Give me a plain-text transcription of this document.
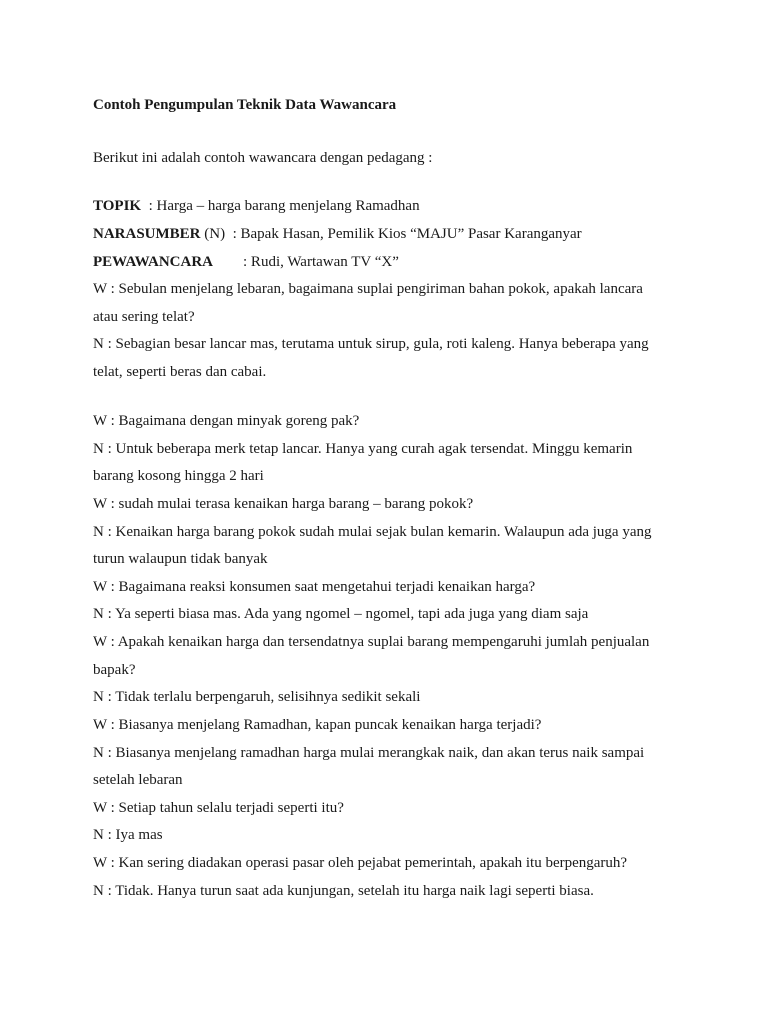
Contoh Pengumpulan Teknik Data Wawancara
Berikut ini adalah contoh wawancara dengan pedagang :
TOPIK  : Harga – harga barang menjelang Ramadhan
NARASUMBER (N)  : Bapak Hasan, Pemilik Kios “MAJU” Pasar Karanganyar
PEWAWANCARA        : Rudi, Wartawan TV “X”
W : Sebulan menjelang lebaran, bagaimana suplai pengiriman bahan pokok, apakah lancara
atau sering telat?
N : Sebagian besar lancar mas, terutama untuk sirup, gula, roti kaleng. Hanya beberapa yang
telat, seperti beras dan cabai.
W : Bagaimana dengan minyak goreng pak?
N : Untuk beberapa merk tetap lancar. Hanya yang curah agak tersendat. Minggu kemarin
barang kosong hingga 2 hari
W : sudah mulai terasa kenaikan harga barang – barang pokok?
N : Kenaikan harga barang pokok sudah mulai sejak bulan kemarin. Walaupun ada juga yang
turun walaupun tidak banyak
W : Bagaimana reaksi konsumen saat mengetahui terjadi kenaikan harga?
N : Ya seperti biasa mas. Ada yang ngomel – ngomel, tapi ada juga yang diam saja
W : Apakah kenaikan harga dan tersendatnya suplai barang mempengaruhi jumlah penjualan
bapak?
N : Tidak terlalu berpengaruh, selisihnya sedikit sekali
W : Biasanya menjelang Ramadhan, kapan puncak kenaikan harga terjadi?
N : Biasanya menjelang ramadhan harga mulai merangkak naik, dan akan terus naik sampai
setelah lebaran
W : Setiap tahun selalu terjadi seperti itu?
N : Iya mas
W : Kan sering diadakan operasi pasar oleh pejabat pemerintah, apakah itu berpengaruh?
N : Tidak. Hanya turun saat ada kunjungan, setelah itu harga naik lagi seperti biasa.
